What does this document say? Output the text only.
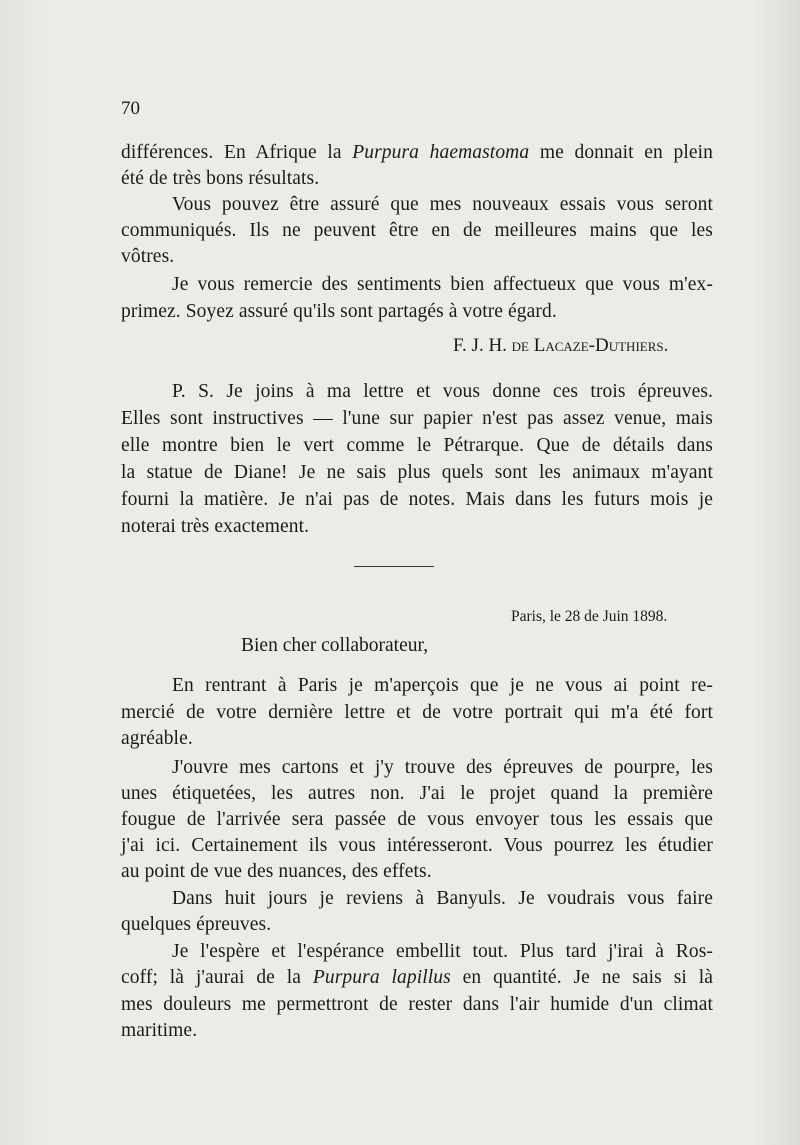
70
différences. En Afrique la Purpura haemastoma me donnait en plein
été de très bons résultats.
Vous pouvez être assuré que mes nouveaux essais vous seront
communiqués. Ils ne peuvent être en de meilleures mains que les
vôtres.
Je vous remercie des sentiments bien affectueux que vous m'ex-
primez. Soyez assuré qu'ils sont partagés à votre égard.
F. J. H. de Lacaze-Duthiers.
P. S. Je joins à ma lettre et vous donne ces trois épreuves.
Elles sont instructives — l'une sur papier n'est pas assez venue, mais
elle montre bien le vert comme le Pétrarque. Que de détails dans
la statue de Diane! Je ne sais plus quels sont les animaux m'ayant
fourni la matière. Je n'ai pas de notes. Mais dans les futurs mois je
noterai très exactement.
Paris, le 28 de Juin 1898.
Bien cher collaborateur,
En rentrant à Paris je m'aperçois que je ne vous ai point re-
mercié de votre dernière lettre et de votre portrait qui m'a été fort
agréable.
J'ouvre mes cartons et j'y trouve des épreuves de pourpre, les
unes étiquetées, les autres non. J'ai le projet quand la première
fougue de l'arrivée sera passée de vous envoyer tous les essais que
j'ai ici. Certainement ils vous intéresseront. Vous pourrez les étudier
au point de vue des nuances, des effets.
Dans huit jours je reviens à Banyuls. Je voudrais vous faire
quelques épreuves.
Je l'espère et l'espérance embellit tout. Plus tard j'irai à Ros-
coff; là j'aurai de la Purpura lapillus en quantité. Je ne sais si là
mes douleurs me permettront de rester dans l'air humide d'un climat
maritime.
